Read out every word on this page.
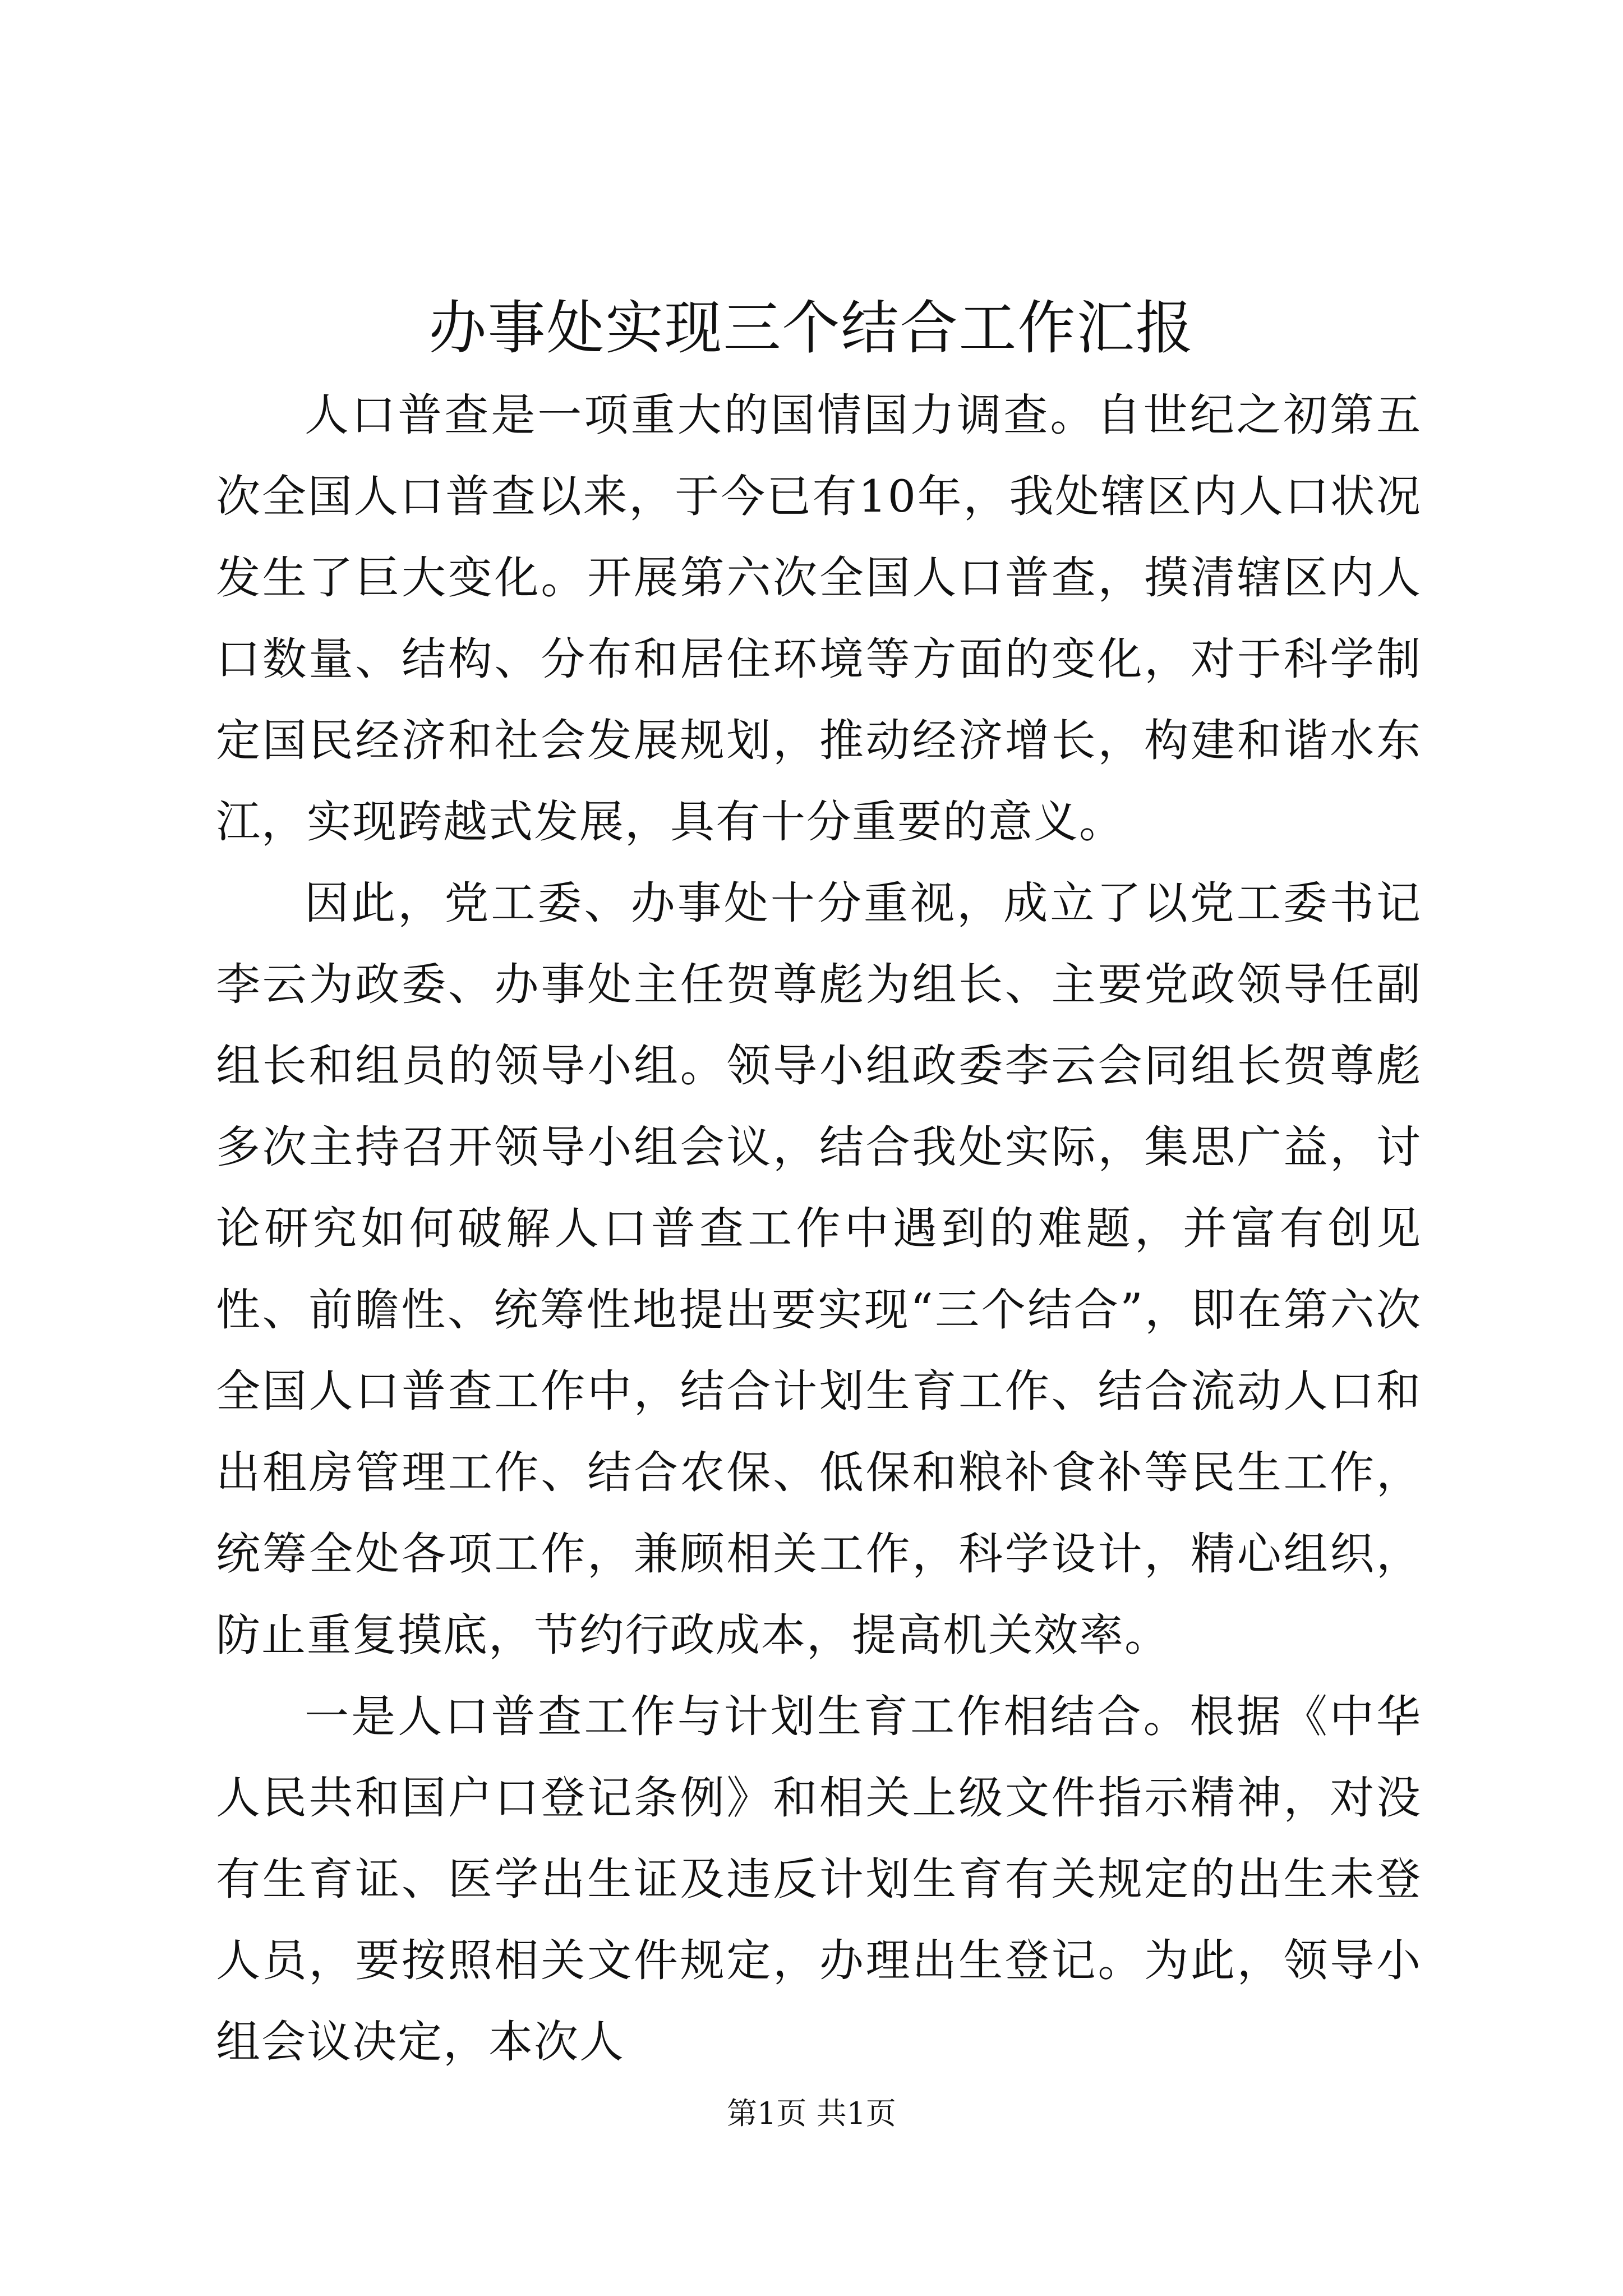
办事处实现三个结合工作汇报

人口普查是一项重大的国情国力调查。自世纪之初第五次全国人口普查以来，于今已有10年，我处辖区内人口状况发生了巨大变化。开展第六次全国人口普查，摸清辖区内人口数量、结构、分布和居住环境等方面的变化，对于科学制定国民经济和社会发展规划，推动经济增长，构建和谐水东江，实现跨越式发展，具有十分重要的意义。

因此，党工委、办事处十分重视，成立了以党工委书记李云为政委、办事处主任贺尊彪为组长、主要党政领导任副组长和组员的领导小组。领导小组政委李云会同组长贺尊彪多次主持召开领导小组会议，结合我处实际，集思广益，讨论研究如何破解人口普查工作中遇到的难题，并富有创见性、前瞻性、统筹性地提出要实现“三个结合”，即在第六次全国人口普查工作中，结合计划生育工作、结合流动人口和出租房管理工作、结合农保、低保和粮补食补等民生工作，统筹全处各项工作，兼顾相关工作，科学设计，精心组织，防止重复摸底，节约行政成本，提高机关效率。

一是人口普查工作与计划生育工作相结合。根据《中华人民共和国户口登记条例》和相关上级文件指示精神，对没有生育证、医学出生证及违反计划生育有关规定的出生未登人员，要按照相关文件规定，办理出生登记。为此，领导小组会议决定，本次人

第1页 共1页
